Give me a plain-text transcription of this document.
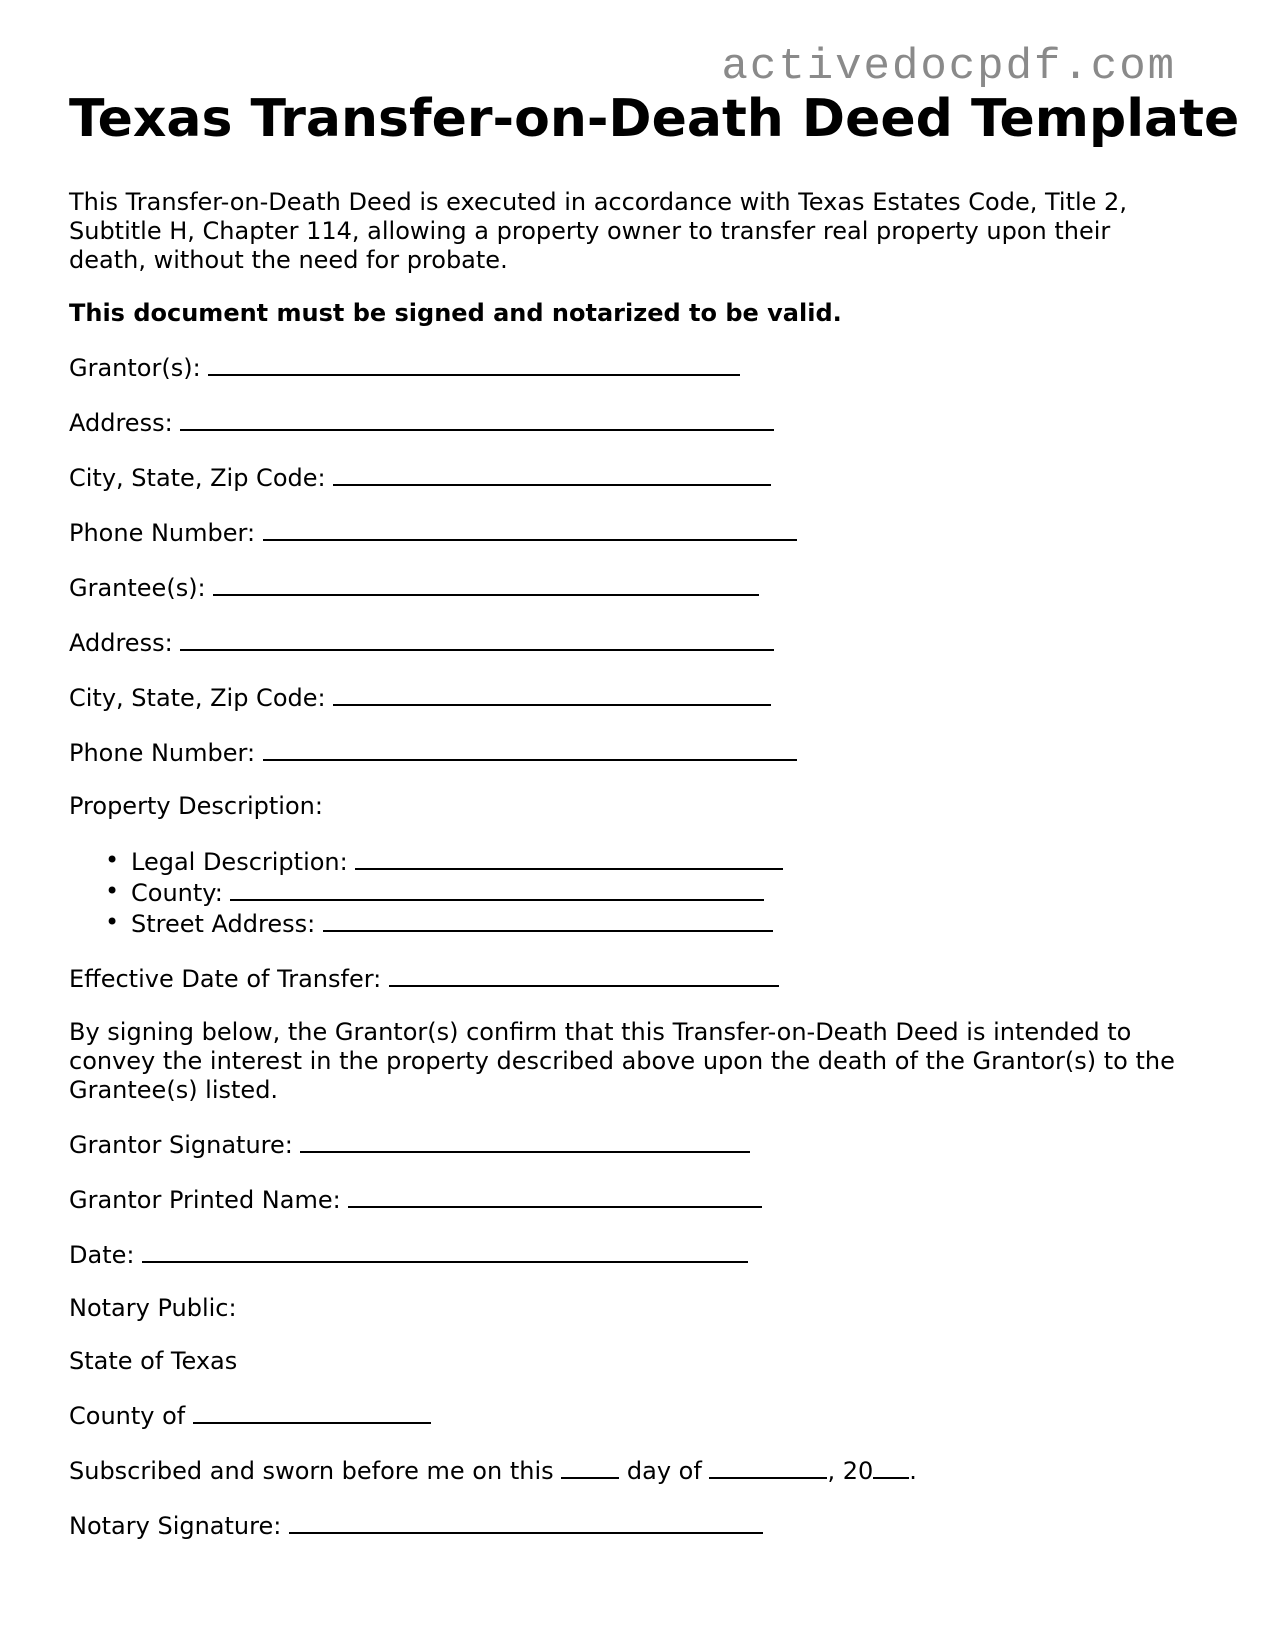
activedocpdf.com
Texas Transfer-on-Death Deed Template

This Transfer-on-Death Deed is executed in accordance with Texas Estates Code, Title 2, Subtitle H, Chapter 114, allowing a property owner to transfer real property upon their death, without the need for probate.

This document must be signed and notarized to be valid.

Grantor(s):

Address:

City, State, Zip Code:

Phone Number:

Grantee(s):

Address:

City, State, Zip Code:

Phone Number:

Property Description:

• Legal Description:
• County:
• Street Address:

Effective Date of Transfer:

By signing below, the Grantor(s) confirm that this Transfer-on-Death Deed is intended to convey the interest in the property described above upon the death of the Grantor(s) to the Grantee(s) listed.

Grantor Signature:

Grantor Printed Name:

Date:

Notary Public:

State of Texas

County of

Subscribed and sworn before me on this	day of	, 20 .

Notary Signature:
